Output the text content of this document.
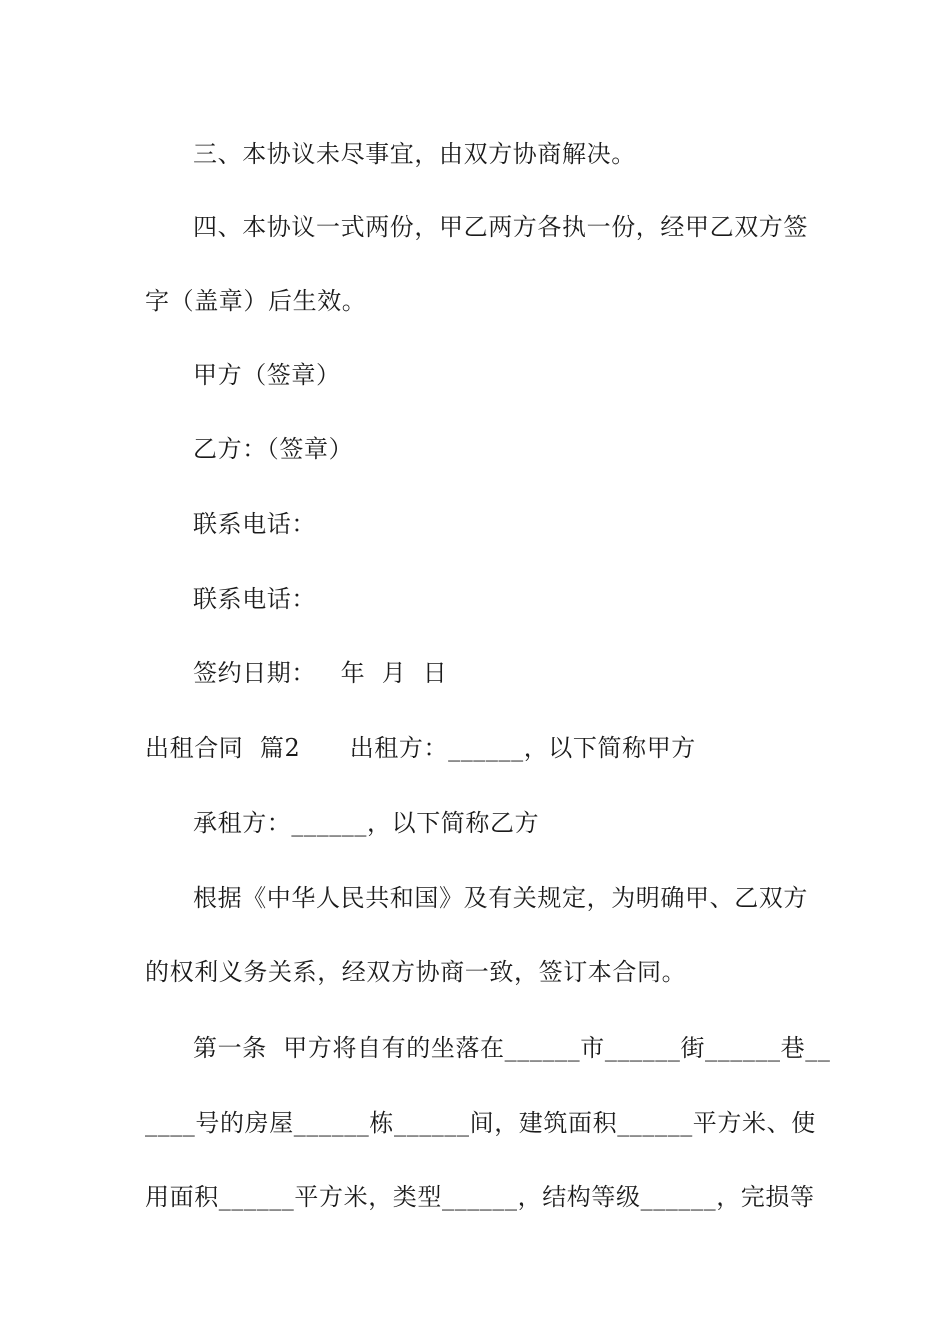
三、本协议未尽事宜，由双方协商解决。
四、本协议一式两份，甲乙两方各执一份，经甲乙双方签
字（盖章）后生效。
甲方（签章）
乙方：（签章）
联系电话：
联系电话：
签约日期：   年  月  日
出租合同  篇2      出租方：______，以下简称甲方
承租方：______，以下简称乙方
根据《中华人民共和国》及有关规定，为明确甲、乙双方
的权利义务关系，经双方协商一致，签订本合同。
第一条  甲方将自有的坐落在______市______街______巷__
____号的房屋______栋______间，建筑面积______平方米、使
用面积______平方米，类型______，结构等级______，完损等
